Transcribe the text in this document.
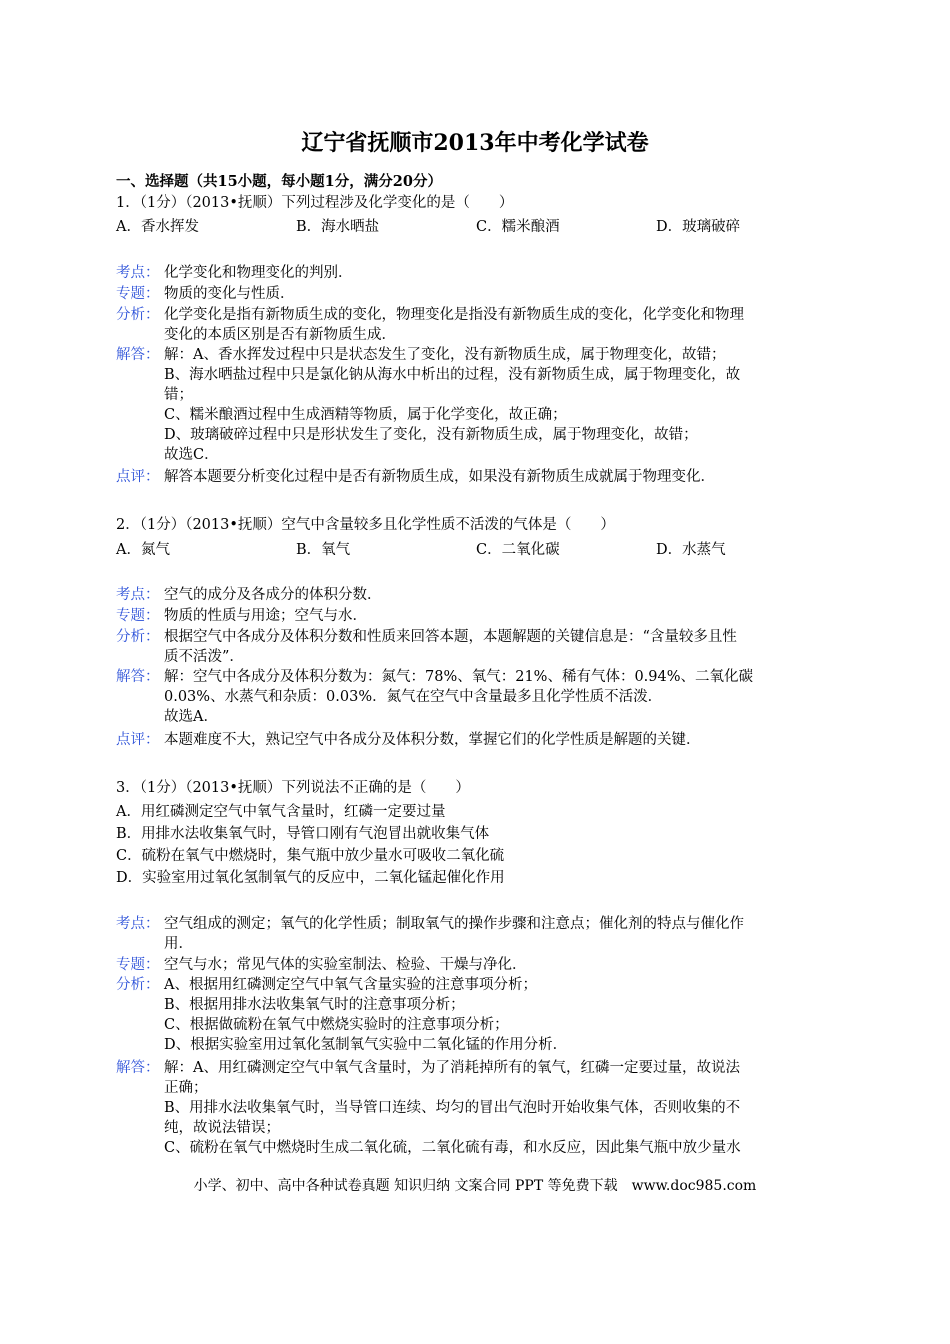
辽宁省抚顺市2013年中考化学试卷
一、选择题（共15小题，每小题1分，满分20分）
1．（1分）（2013•抚顺）下列过程涉及化学变化的是（　　）
A．香水挥发	B．海水晒盐	C．糯米酿酒	D．玻璃破碎
考点： 化学变化和物理变化的判别．
专题： 物质的变化与性质．
分析： 化学变化是指有新物质生成的变化，物理变化是指没有新物质生成的变化，化学变化和物理
变化的本质区别是否有新物质生成．
解答： 解：A、香水挥发过程中只是状态发生了变化，没有新物质生成，属于物理变化，故错；
B、海水晒盐过程中只是氯化钠从海水中析出的过程，没有新物质生成，属于物理变化，故
错；
C、糯米酿酒过程中生成酒精等物质，属于化学变化，故正确；
D、玻璃破碎过程中只是形状发生了变化，没有新物质生成，属于物理变化，故错；
故选C．
点评： 解答本题要分析变化过程中是否有新物质生成，如果没有新物质生成就属于物理变化．
2．（1分）（2013•抚顺）空气中含量较多且化学性质不活泼的气体是（　　）
A．氮气	B．氧气	C．二氧化碳	D．水蒸气
考点： 空气的成分及各成分的体积分数．
专题： 物质的性质与用途；空气与水．
分析： 根据空气中各成分及体积分数和性质来回答本题，本题解题的关键信息是：“含量较多且性
质不活泼”．
解答： 解：空气中各成分及体积分数为：氮气：78%、氧气：21%、稀有气体：0.94%、二氧化碳
0.03%、水蒸气和杂质：0.03%．氮气在空气中含量最多且化学性质不活泼．
故选A．
点评： 本题难度不大，熟记空气中各成分及体积分数，掌握它们的化学性质是解题的关键．
3．（1分）（2013•抚顺）下列说法不正确的是（　　）
A．用红磷测定空气中氧气含量时，红磷一定要过量
B．用排水法收集氧气时，导管口刚有气泡冒出就收集气体
C．硫粉在氧气中燃烧时，集气瓶中放少量水可吸收二氧化硫
D．实验室用过氧化氢制氧气的反应中，二氧化锰起催化作用
考点： 空气组成的测定；氧气的化学性质；制取氧气的操作步骤和注意点；催化剂的特点与催化作
用．
专题： 空气与水；常见气体的实验室制法、检验、干燥与净化．
分析： A、根据用红磷测定空气中氧气含量实验的注意事项分析；
B、根据用排水法收集氧气时的注意事项分析；
C、根据做硫粉在氧气中燃烧实验时的注意事项分析；
D、根据实验室用过氧化氢制氧气实验中二氧化锰的作用分析．
解答： 解：A、用红磷测定空气中氧气含量时，为了消耗掉所有的氧气，红磷一定要过量，故说法
正确；
B、用排水法收集氧气时，当导管口连续、均匀的冒出气泡时开始收集气体，否则收集的不
纯，故说法错误；
C、硫粉在氧气中燃烧时生成二氧化硫，二氧化硫有毒，和水反应，因此集气瓶中放少量水
小学、初中、高中各种试卷真题 知识归纳 文案合同 PPT 等免费下载　www.doc985.com
